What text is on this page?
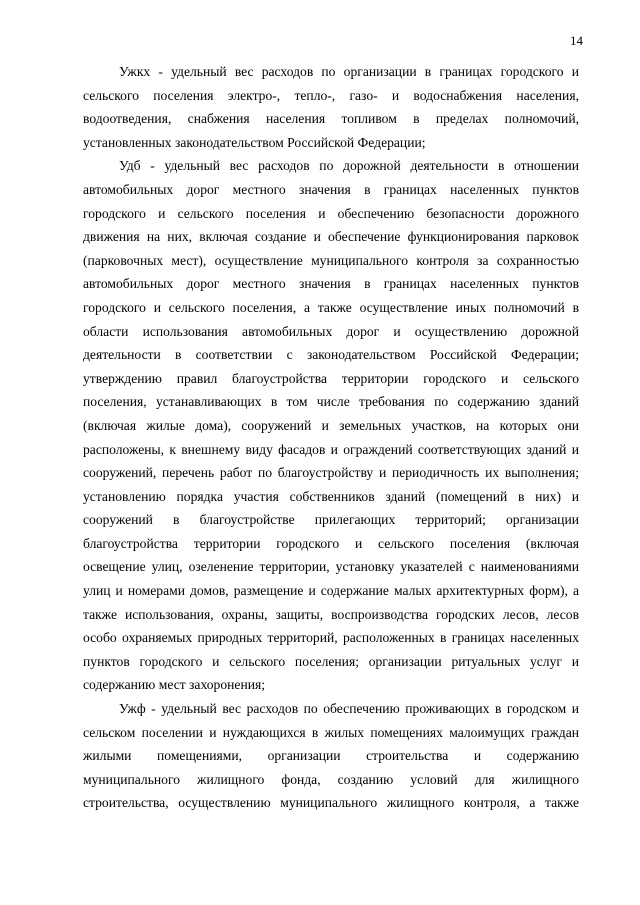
14
Ужкх - удельный вес расходов по организации в границах городского и
сельского поселения электро-, тепло-, газо- и водоснабжения населения,
водоотведения, снабжения населения топливом в пределах полномочий,
установленных законодательством Российской Федерации;
Удб - удельный вес расходов по дорожной деятельности в отношении
автомобильных дорог местного значения в границах населенных пунктов
городского и сельского поселения и обеспечению безопасности дорожного
движения на них, включая создание и обеспечение функционирования парковок
(парковочных мест), осуществление муниципального контроля за сохранностью
автомобильных дорог местного значения в границах населенных пунктов
городского и сельского поселения, а также осуществление иных полномочий в
области использования автомобильных дорог и осуществлению дорожной
деятельности в соответствии с законодательством Российской Федерации;
утверждению правил благоустройства территории городского и сельского
поселения, устанавливающих в том числе требования по содержанию зданий
(включая жилые дома), сооружений и земельных участков, на которых они
расположены, к внешнему виду фасадов и ограждений соответствующих зданий и
сооружений, перечень работ по благоустройству и периодичность их выполнения;
установлению порядка участия собственников зданий (помещений в них) и
сооружений в благоустройстве прилегающих территорий; организации
благоустройства территории городского и сельского поселения (включая
освещение улиц, озеленение территории, установку указателей с наименованиями
улиц и номерами домов, размещение и содержание малых архитектурных форм), а
также использования, охраны, защиты, воспроизводства городских лесов, лесов
особо охраняемых природных территорий, расположенных в границах населенных
пунктов городского и сельского поселения; организации ритуальных услуг и
содержанию мест захоронения;
Ужф - удельный вес расходов по обеспечению проживающих в городском и
сельском поселении и нуждающихся в жилых помещениях малоимущих граждан
жилыми помещениями, организации строительства и содержанию
муниципального жилищного фонда, созданию условий для жилищного
строительства, осуществлению муниципального жилищного контроля, а также
